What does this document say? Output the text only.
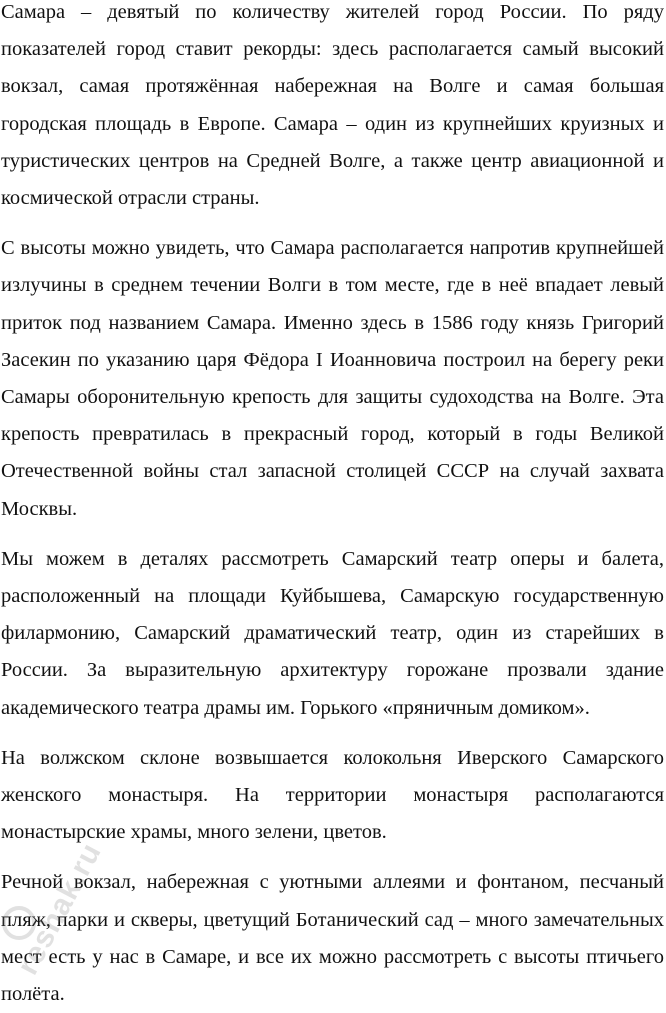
Самара – девятый по количеству жителей город России. По ряду показателей город ставит рекорды: здесь располагается самый высокий вокзал, самая протяжённая набережная на Волге и самая большая городская площадь в Европе. Самара – один из крупнейших круизных и туристических центров на Средней Волге, а также центр авиационной и космической отрасли страны.

С высоты можно увидеть, что Самара располагается напротив крупнейшей излучины в среднем течении Волги в том месте, где в неё впадает левый приток под названием Самара. Именно здесь в 1586 году князь Григорий Засекин по указанию царя Фёдора I Иоанновича построил на берегу реки Самары оборонительную крепость для защиты судоходства на Волге. Эта крепость превратилась в прекрасный город, который в годы Великой Отечественной войны стал запасной столицей СССР на случай захвата Москвы.

Мы можем в деталях рассмотреть Самарский театр оперы и балета, расположенный на площади Куйбышева, Самарскую государственную филармонию, Самарский драматический театр, один из старейших в России. За выразительную архитектуру горожане прозвали здание академического театра драмы им. Горького «пряничным домиком».

На волжском склоне возвышается колокольня Иверского Самарского женского монастыря. На территории монастыря располагаются монастырские храмы, много зелени, цветов.

Речной вокзал, набережная с уютными аллеями и фонтаном, песчаный пляж, парки и скверы, цветущий Ботанический сад – много замечательных мест есть у нас в Самаре, и все их можно рассмотреть с высоты птичьего полёта.

reshak.ru
